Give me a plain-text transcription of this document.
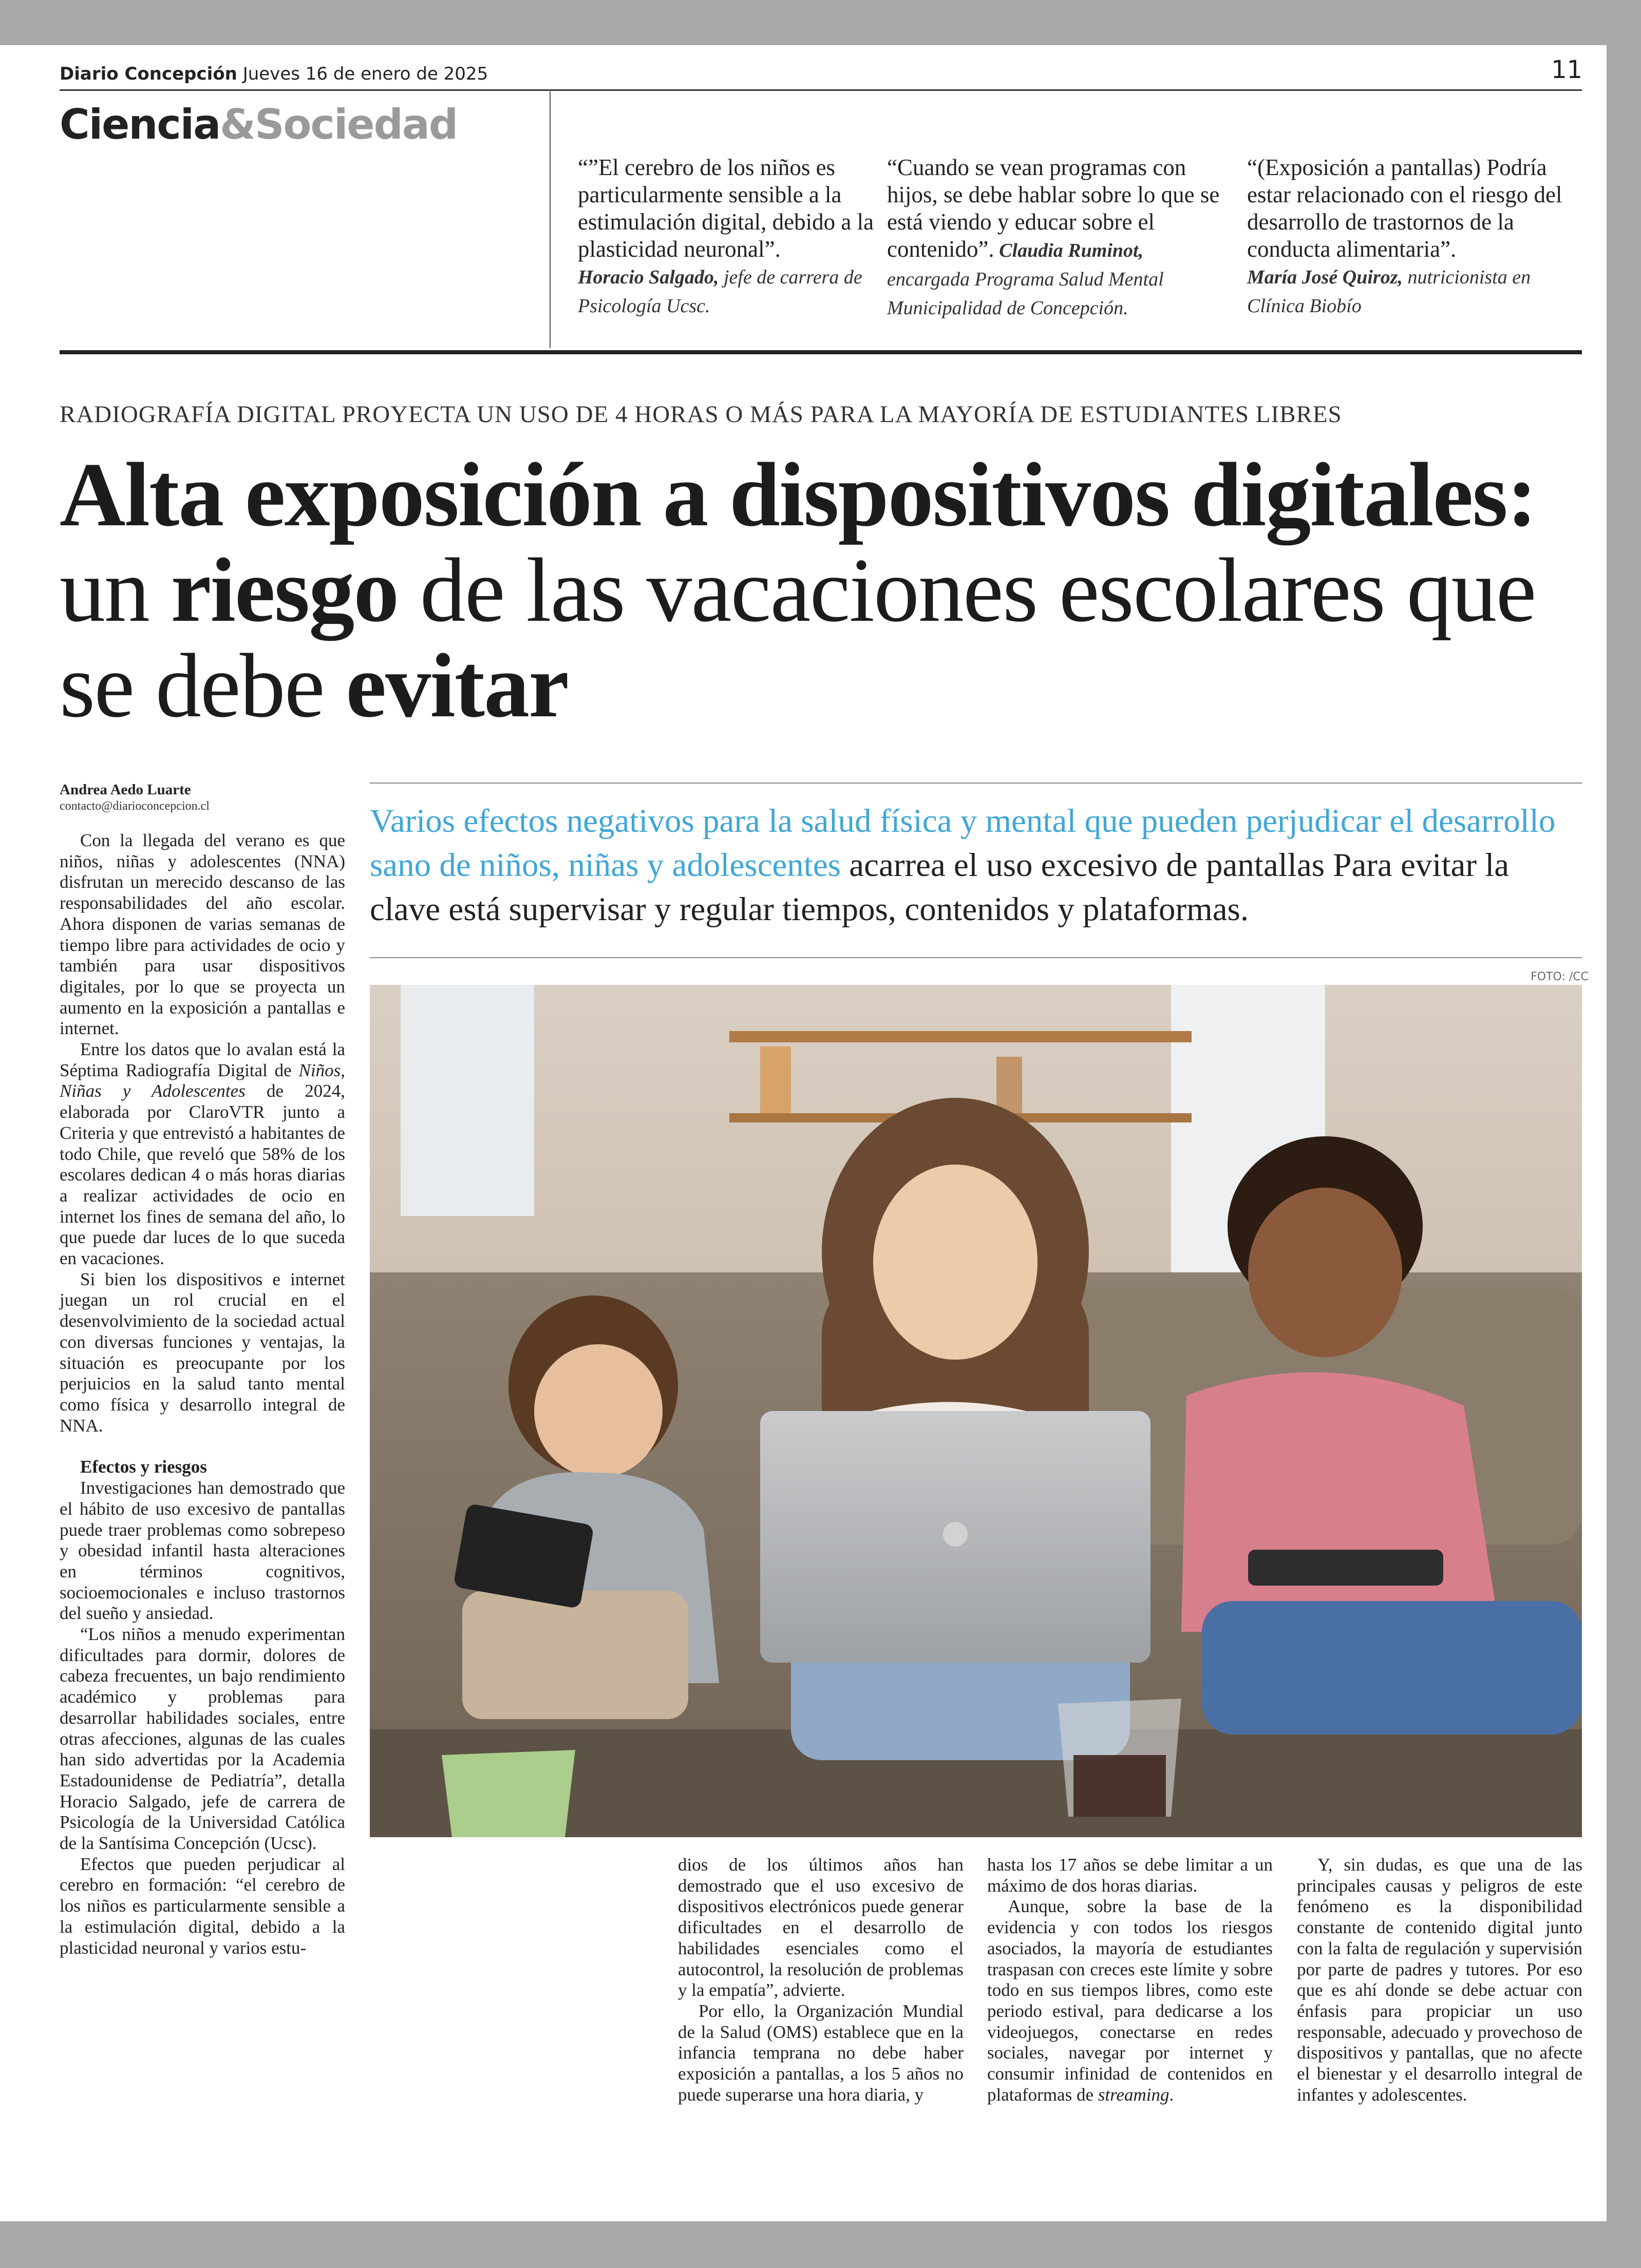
Diario Concepción Jueves 16 de enero de 2025	11
Ciencia&Sociedad
“”El cerebro de los niños es particularmente sensible a la estimulación digital, debido a la plasticidad neuronal”.
Horacio Salgado, jefe de carrera de Psicología Ucsc.
“Cuando se vean programas con hijos, se debe hablar sobre lo que se está viendo y educar sobre el contenido”. Claudia Ruminot,
encargada Programa Salud Mental Municipalidad de Concepción.
“(Exposición a pantallas) Podría estar relacionado con el riesgo del desarrollo de trastornos de la conducta alimentaria”.
María José Quiroz, nutricionista en Clínica Biobío
RADIOGRAFÍA DIGITAL PROYECTA UN USO DE 4 HORAS O MÁS PARA LA MAYORÍA DE ESTUDIANTES LIBRES
Alta exposición a dispositivos digitales: un riesgo de las vacaciones escolares que se debe evitar
Andrea Aedo Luarte
contacto@diarioconcepcion.cl	Varios efectos negativos para la salud física y mental que pueden perjudicar el desarrollo sano de niños, niñas y adolescentes acarrea el uso excesivo de pantallas Para evitar la clave está supervisar y regular tiempos, contenidos y plataformas.
FOTO: /CC

Con la llegada del verano es que niños, niñas y adolescentes (NNA) disfrutan un merecido descanso de las responsabilidades del año escolar. Ahora disponen de varias semanas de tiempo libre para actividades de ocio y también para usar dispositivos digitales, por lo que se proyecta un aumento en la exposición a pantallas e internet.

Entre los datos que lo avalan está la Séptima Radiografía Digital de Niños, Niñas y Adolescentes de 2024, elaborada por ClaroVTR junto a Criteria y que entrevistó a habitantes de todo Chile, que reveló que 58% de los escolares dedican 4 o más horas diarias a realizar actividades de ocio en internet los fines de semana del año, lo que puede dar luces de lo que suceda en vacaciones.

Si bien los dispositivos e internet juegan un rol crucial en el desenvolvimiento de la sociedad actual con diversas funciones y ventajas, la situación es preocupante por los perjuicios en la salud tanto mental como física y desarrollo integral de NNA.

Efectos y riesgos

Investigaciones han demostrado que el hábito de uso excesivo de pantallas puede traer problemas como sobrepeso y obesidad infantil hasta alteraciones en términos cognitivos, socioemocionales e incluso trastornos del sueño y ansiedad.

“Los niños a menudo experimentan dificultades para dormir, dolores de cabeza frecuentes, un bajo rendimiento académico y problemas para desarrollar habilidades sociales, entre otras afecciones, algunas de las cuales han sido advertidas por la Academia Estadounidense de Pediatría”, detalla Horacio Salgado, jefe de carrera de Psicología de la Universidad Católica de la Santísima Concepción (Ucsc).

Efectos que pueden perjudicar al cerebro en formación: “el cerebro de los niños es particularmente sensible a la estimulación digital, debido a la plasticidad neuronal y varios estu-

dios de los últimos años han demostrado que el uso excesivo de dispositivos electrónicos puede generar dificultades en el desarrollo de habilidades esenciales como el autocontrol, la resolución de problemas y la empatía”, advierte.

Por ello, la Organización Mundial de la Salud (OMS) establece que en la infancia temprana no debe haber exposición a pantallas, a los 5 años no puede superarse una hora diaria, y

hasta los 17 años se debe limitar a un máximo de dos horas diarias.

Aunque, sobre la base de la evidencia y con todos los riesgos asociados, la mayoría de estudiantes traspasan con creces este límite y sobre todo en sus tiempos libres, como este periodo estival, para dedicarse a los videojuegos, conectarse en redes sociales, navegar por internet y consumir infinidad de contenidos en plataformas de streaming.

Y, sin dudas, es que una de las principales causas y peligros de este fenómeno es la disponibilidad constante de contenido digital junto con la falta de regulación y supervisión por parte de padres y tutores. Por eso que es ahí donde se debe actuar con énfasis para propiciar un uso responsable, adecuado y provechoso de dispositivos y pantallas, que no afecte el bienestar y el desarrollo integral de infantes y adolescentes.
